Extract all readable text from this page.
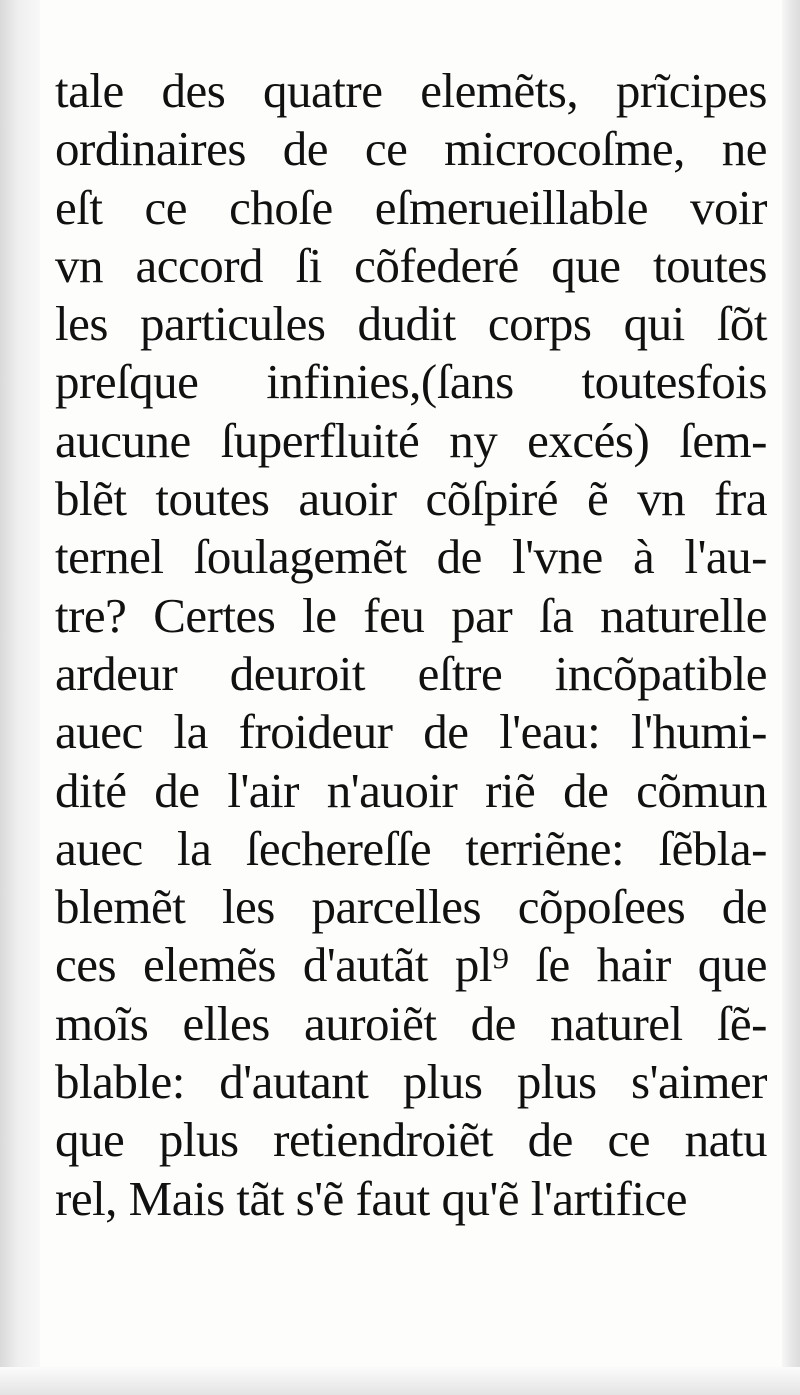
tale des quatre elemẽts, prĩcipes
ordinaires de ce microcoſme, ne
eſt ce choſe eſmerueillable voir
vn accord ſi cõfederé que toutes
les particules dudit corps qui ſõt
preſque infinies,(ſans toutesfois
aucune ſuperfluité ny excés) ſem-
blẽt toutes auoir cõſpiré ẽ vn fra
ternel ſoulagemẽt de l'vne à l'au-
tre? Certes le feu par ſa naturelle
ardeur deuroit eſtre incõpatible
auec la froideur de l'eau: l'humi-
dité de l'air n'auoir riẽ de cõmun
auec la ſechereſſe terriẽne: ſẽbla-
blemẽt les parcelles cõpoſees de
ces elemẽs d'autãt pl⁹ ſe hair que
moĩs elles auroiẽt de naturel ſẽ-
blable: d'autant plus plus s'aimer
que plus retiendroiẽt de ce natu
rel, Mais tãt s'ẽ faut qu'ẽ l'artifice
